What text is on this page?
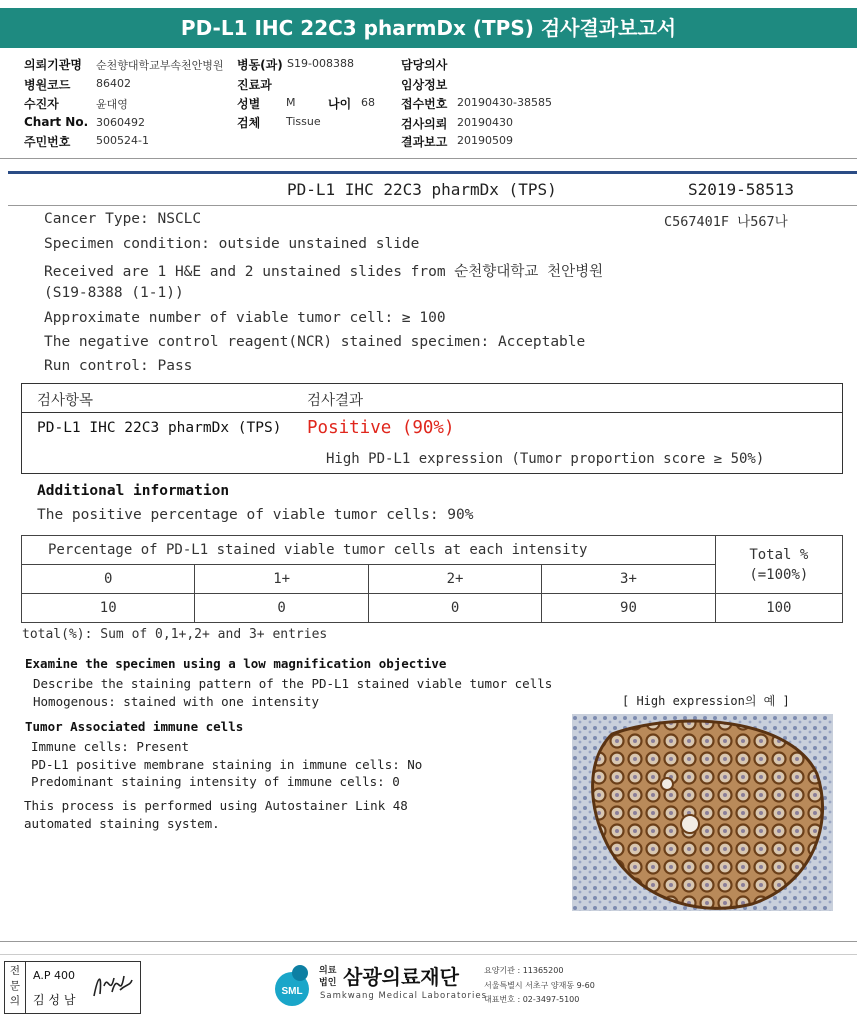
PD-L1 IHC 22C3 pharmDx (TPS) 검사결과보고서
의뢰기관명 순천향대학교부속천안병원 병동(과) S19-008388	담당의사
병원코드 86402	진료과	임상정보
수진자	윤대영	성별 M	나이 68 접수번호 20190430-38585
Chart No. 3060492	검체 Tissue	검사의뢰 20190430
주민번호 500524-1	결과보고 20190509
PD-L1 IHC 22C3 pharmDx (TPS)	S2019-58513
C567401F 나567나
Cancer Type: NSCLC
Specimen condition: outside unstained slide
Received are 1 H&E and 2 unstained slides from 순천향대학교 천안병원
(S19-8388 (1-1))
Approximate number of viable tumor cell: ≥ 100
The negative control reagent(NCR) stained specimen: Acceptable
Run control: Pass
검사항목	검사결과
PD-L1 IHC 22C3 pharmDx (TPS) Positive (90%)
High PD-L1 expression (Tumor proportion score ≥ 50%)
Additional information
The positive percentage of viable tumor cells: 90%
Percentage of PD-L1 stained viable tumor cells at each intensity				Total %
(=100%)

0	1+	2+	3+	
10	0	0	90	100
total(%): Sum of 0,1+,2+ and 3+ entries
Examine the specimen using a low magnification objective
Describe the staining pattern of the PD-L1 stained viable tumor cells
Homogenous: stained with one intensity	[ High expression의 예 ]
Tumor Associated immune cells
Immune cells: Present
PD-L1 positive membrane staining in immune cells: No
Predominant staining intensity of immune cells: 0
This process is performed using Autostainer Link 48
automated staining system.
전문의
A.P 400
김 성 남
SML
의료
법인 삼광의료재단
Samkwang Medical Laboratories
요양기관 : 11365200
서울특별시 서초구 양재동 9-60
대표번호 : 02-3497-5100
